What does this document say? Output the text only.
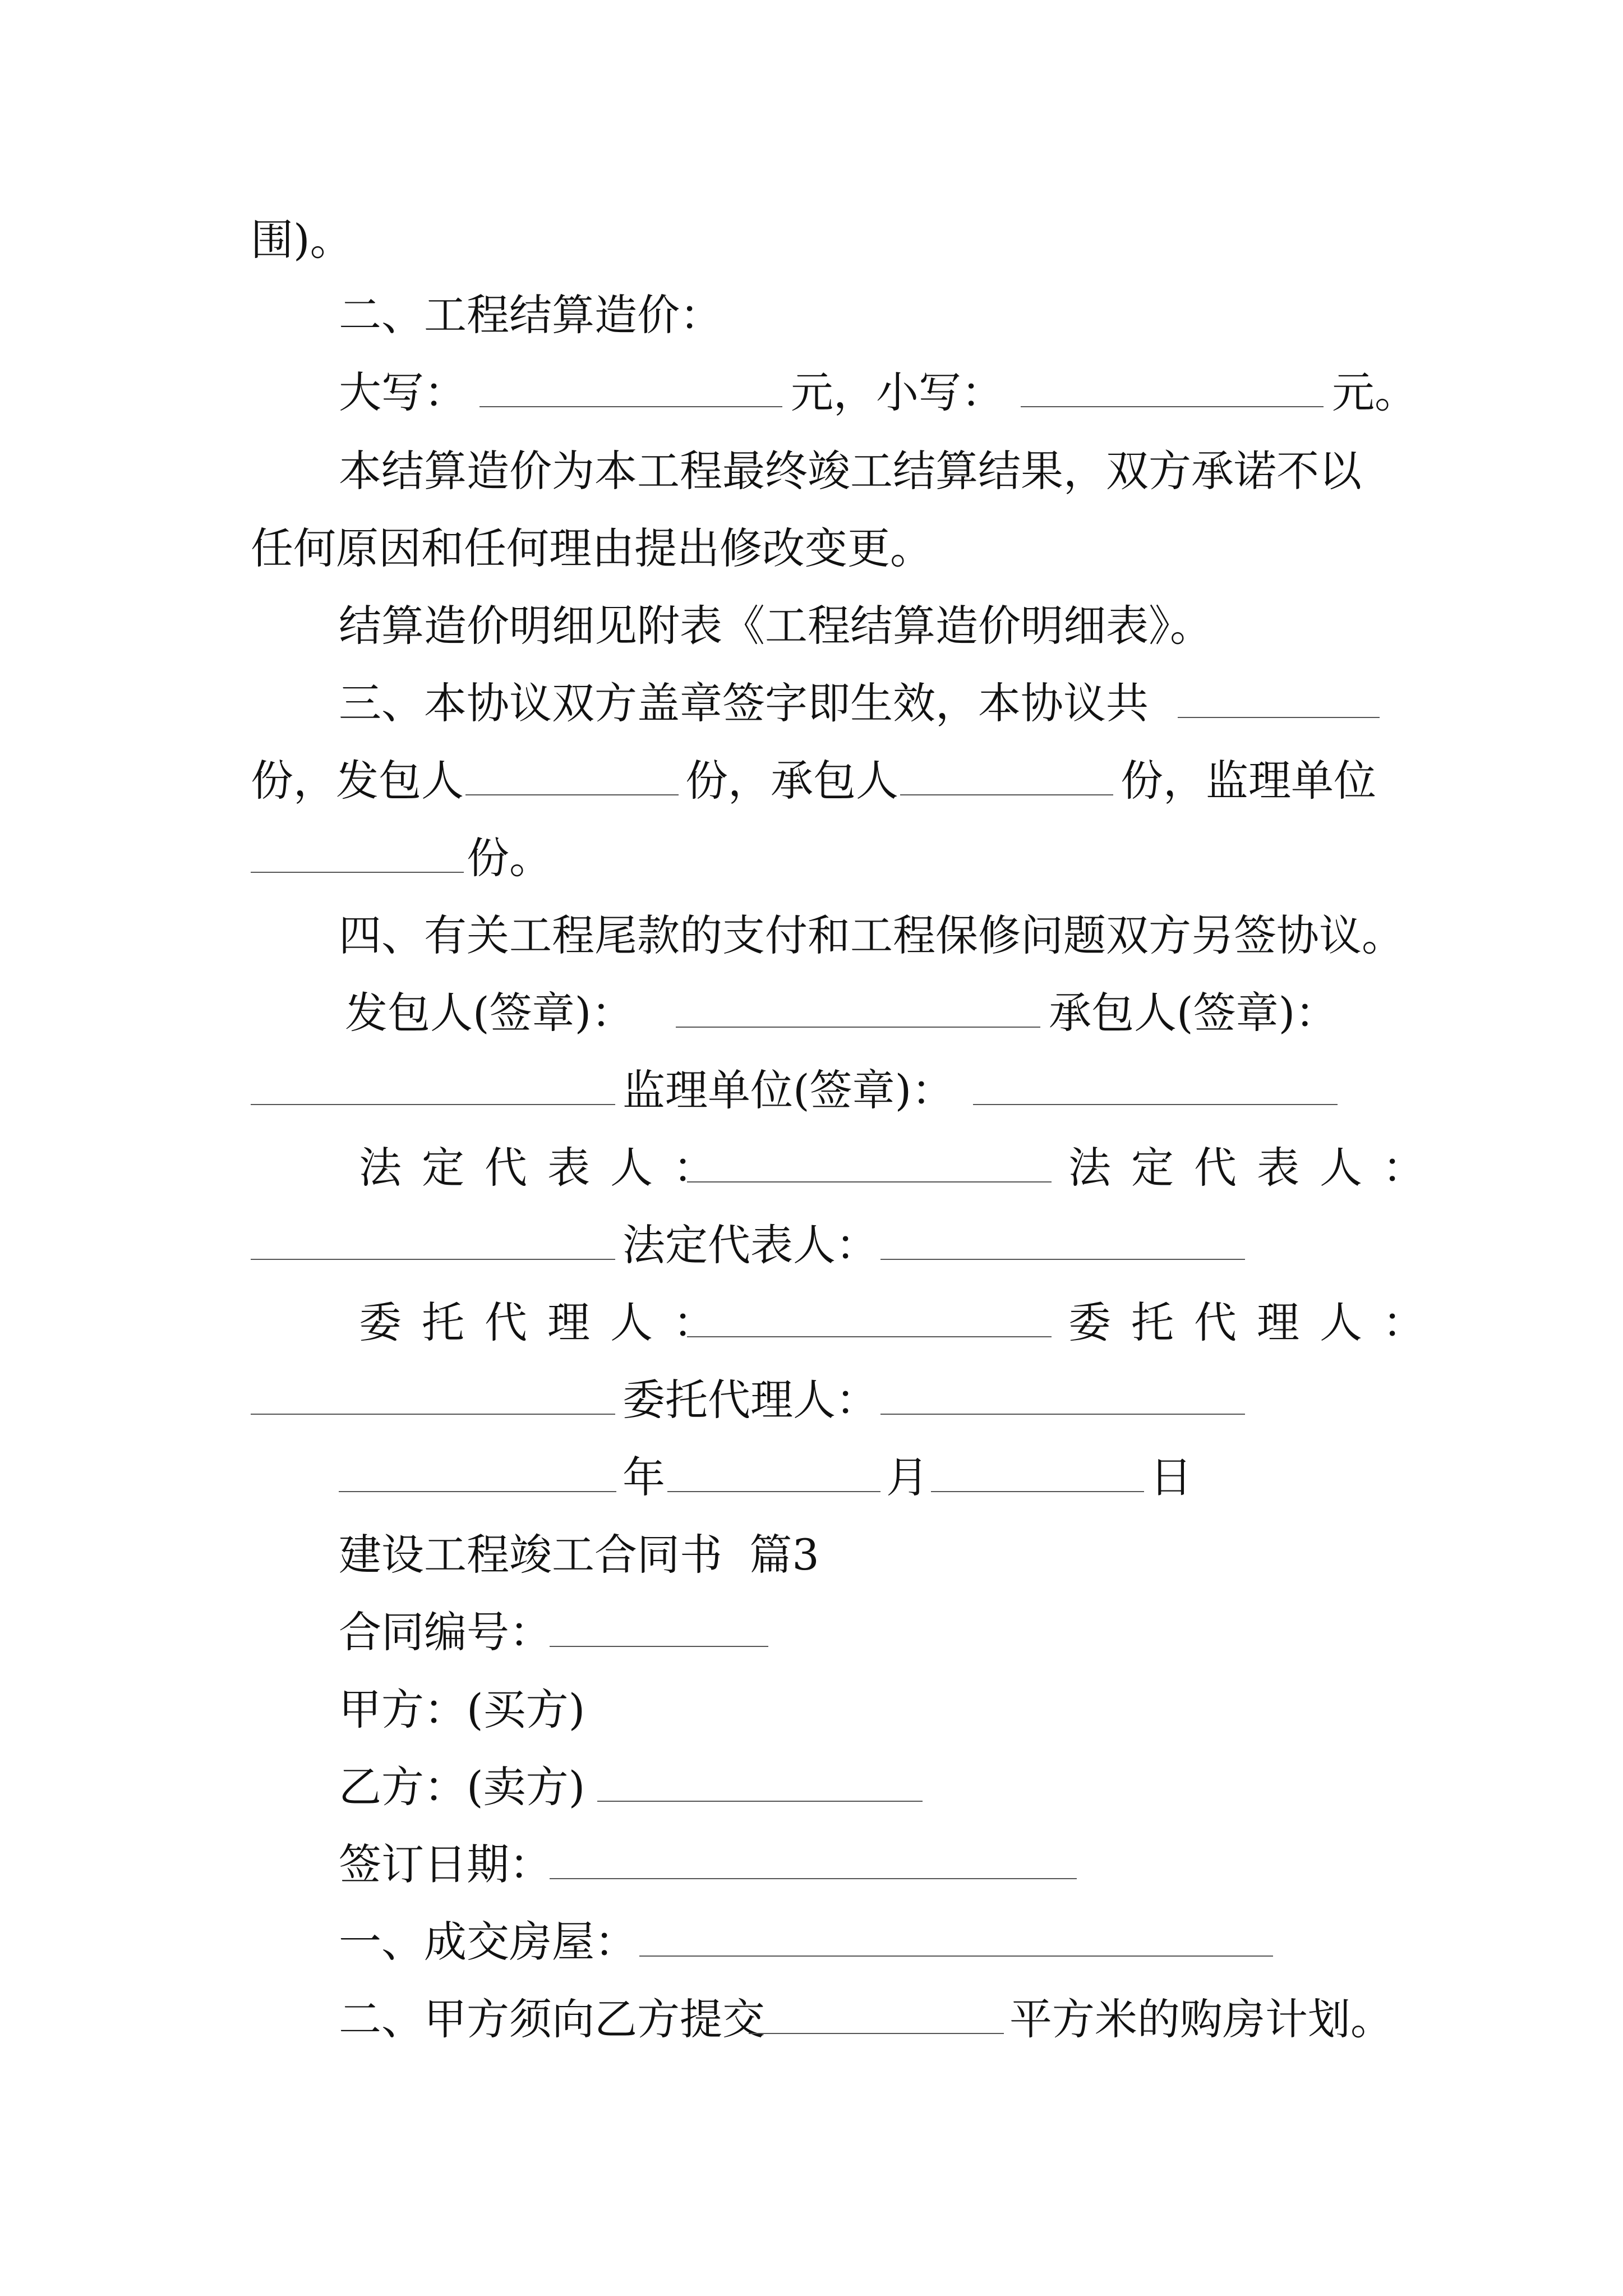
围)。
二、工程结算造价：
大写：	元，小写：	元。
本结算造价为本工程最终竣工结算结果，双方承诺不以
任何原因和任何理由提出修改变更。
结算造价明细见附表《工程结算造价明细表》。
三、本协议双方盖章签字即生效，本协议共
份，发包人	份，承包人	份，监理单位
份。
四、有关工程尾款的支付和工程保修问题双方另签协议。
发包人(签章)：	承包人(签章)：
监理单位(签章)：
法定代表人：	法定代表人：
法定代表人：
委托代理人：	委托代理人：
委托代理人：
年	月	日
建设工程竣工合同书  篇3
合同编号：
甲方：(买方)
乙方：(卖方)
签订日期：
一、成交房屋：
二、甲方须向乙方提交	平方米的购房计划。
